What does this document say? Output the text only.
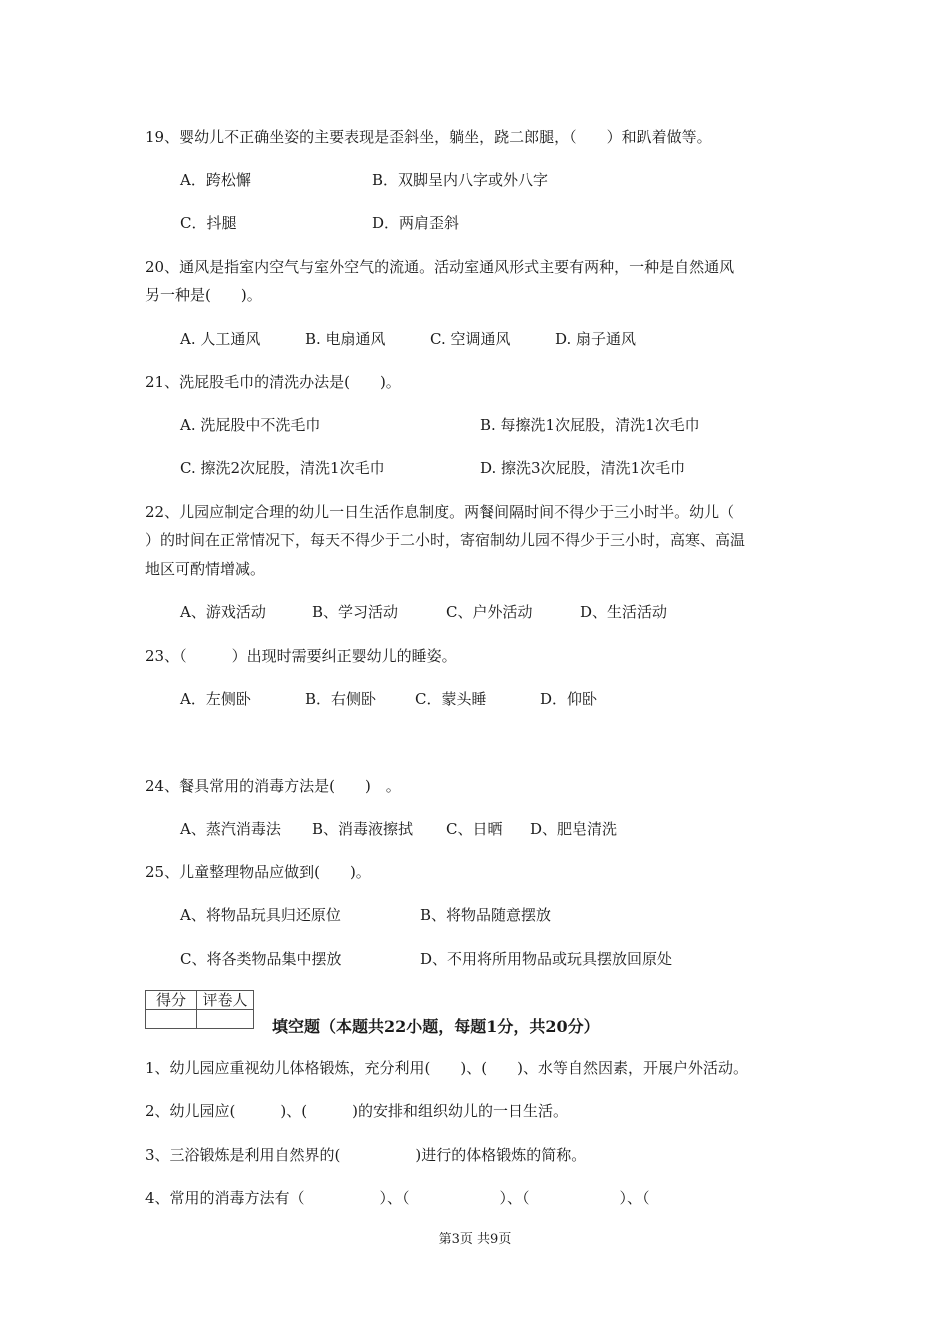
19、婴幼儿不正确坐姿的主要表现是歪斜坐，躺坐，跷二郎腿，（　　）和趴着做等。
A．跨松懈	B．双脚呈内八字或外八字
C．抖腿	D．两肩歪斜
20、通风是指室内空气与室外空气的流通。活动室通风形式主要有两种，一种是自然通风
另一种是(　　)。
A. 人工通风	B. 电扇通风	C. 空调通风	D. 扇子通风
21、洗屁股毛巾的清洗办法是(　　)。
A. 洗屁股中不洗毛巾	B. 每擦洗1次屁股，清洗1次毛巾
C. 擦洗2次屁股，清洗1次毛巾	D. 擦洗3次屁股，清洗1次毛巾
22、儿园应制定合理的幼儿一日生活作息制度。两餐间隔时间不得少于三小时半。幼儿（
）的时间在正常情况下，每天不得少于二小时，寄宿制幼儿园不得少于三小时，高寒、高温
地区可酌情增减。
A、游戏活动	B、学习活动	C、户外活动	D、生活活动
23、（　　　）出现时需要纠正婴幼儿的睡姿。
A．左侧卧	B．右侧卧	C．蒙头睡	D．仰卧
24、餐具常用的消毒方法是(　　)　。
A、蒸汽消毒法 B、消毒液擦拭 C、日晒 D、肥皂清洗
25、儿童整理物品应做到(　　)。
A、将物品玩具归还原位	B、将物品随意摆放
C、将各类物品集中摆放	D、不用将所用物品或玩具摆放回原处
得分	评卷人

填空题（本题共22小题，每题1分，共20分）
1、幼儿园应重视幼儿体格锻炼，充分利用(　　)、(　　)、水等自然因素，开展户外活动。
2、幼儿园应(　　　)、(　　　)的安排和组织幼儿的一日生活。
3、三浴锻炼是利用自然界的(　　　　　)进行的体格锻炼的简称。
4、常用的消毒方法有（　　　　　）、（　　　　　　）、（　　　　　　）、（
第3页 共9页
